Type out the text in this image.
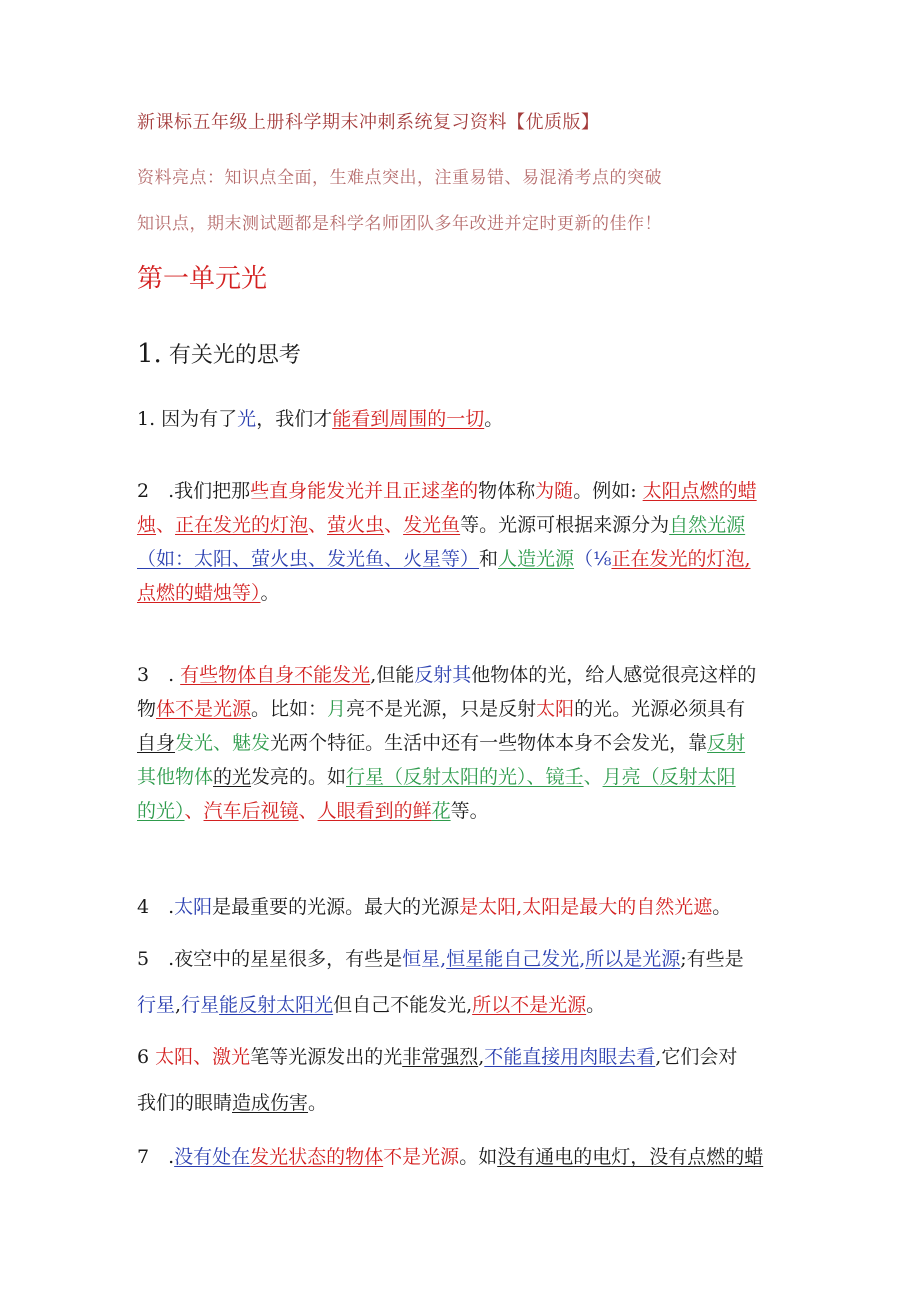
新课标五年级上册科学期末冲刺系统复习资料【优质版】
资料亮点：知识点全面，生难点突出，注重易错、易混淆考点的突破
知识点，期末测试题都是科学名师团队多年改进并定时更新的佳作！
第一单元光
1. 有关光的思考
1. 因为有了光，我们才能看到周围的一切。
2　.我们把那些直身能发光并且正逑垄的物体称为随。例如: 太阳点燃的蜡
烛、正在发光的灯泡、萤火虫、发光鱼等。光源可根据来源分为自然光源
（如：太阳、萤火虫、发光鱼、火星等）和人造光源（⅛正在发光的灯泡,
点燃的蜡烛等）。
3　. 有些物体自身不能发光,但能反射其他物体的光，给人感觉很亮这样的
物体不是光源。比如：月亮不是光源，只是反射太阳的光。光源必须具有
自身发光、魅发光两个特征。生活中还有一些物体本身不会发光，靠反射
其他物体的光发亮的。如行星（反射太阳的光）、镜壬、月亮（反射太阳
的光）、汽车后视镜、人眼看到的鲜花等。
4　.太阳是最重要的光源。最大的光源是太阳,太阳是最大的自然光遮。
5　.夜空中的星星很多，有些是恒星,恒星能自己发光,所以是光源;有些是
行星,行星能反射太阳光但自己不能发光,所以不是光源。
6 太阳、激光笔等光源发出的光非常强烈,不能直接用肉眼去看,它们会对
我们的眼睛造成伤害。
7　.没有处在发光状态的物体不是光源。如没有通电的电灯，没有点燃的蜡
